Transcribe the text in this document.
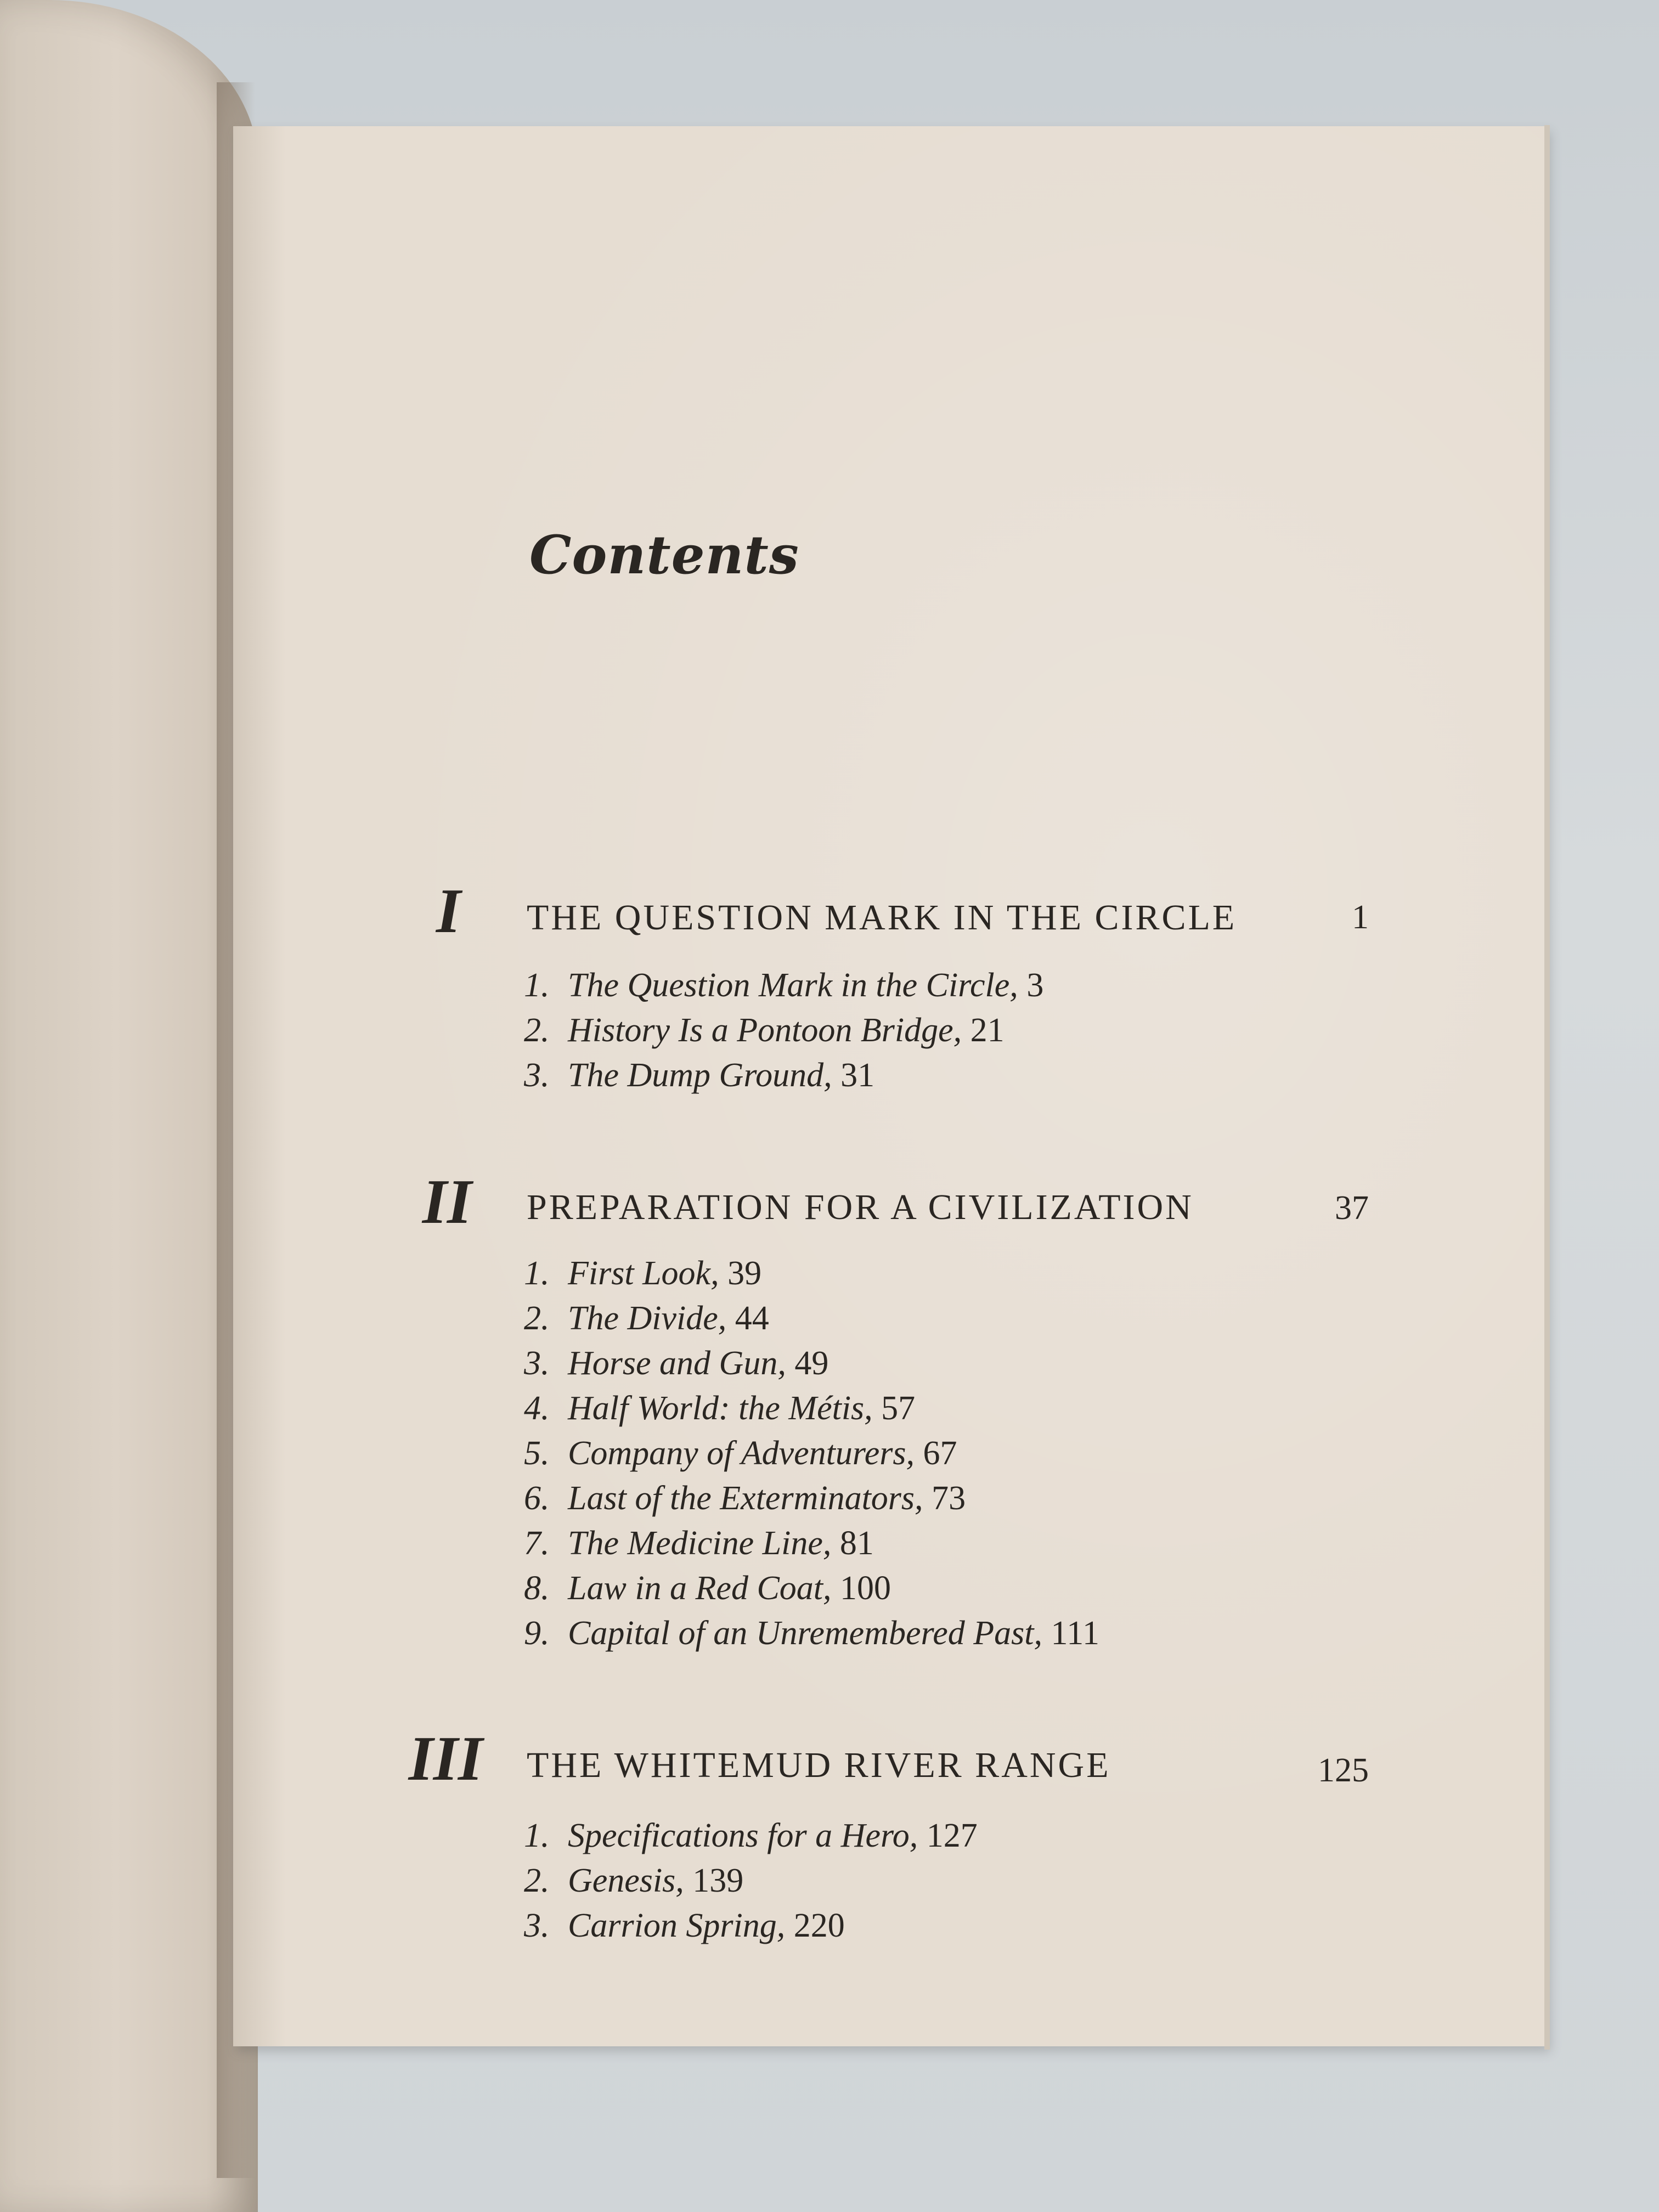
Contents
I THE QUESTION MARK IN THE CIRCLE	1
1. The Question Mark in the Circle, 3
2. History Is a Pontoon Bridge, 21
3. The Dump Ground, 31
II PREPARATION FOR A CIVILIZATION	37
1. First Look, 39
2. The Divide, 44
3. Horse and Gun, 49
4. Half World: the Métis, 57
5. Company of Adventurers, 67
6. Last of the Exterminators, 73
7. The Medicine Line, 81
8. Law in a Red Coat, 100
9. Capital of an Unremembered Past, 111
III THE WHITEMUD RIVER RANGE	125
1. Specifications for a Hero, 127
2. Genesis, 139
3. Carrion Spring, 220
